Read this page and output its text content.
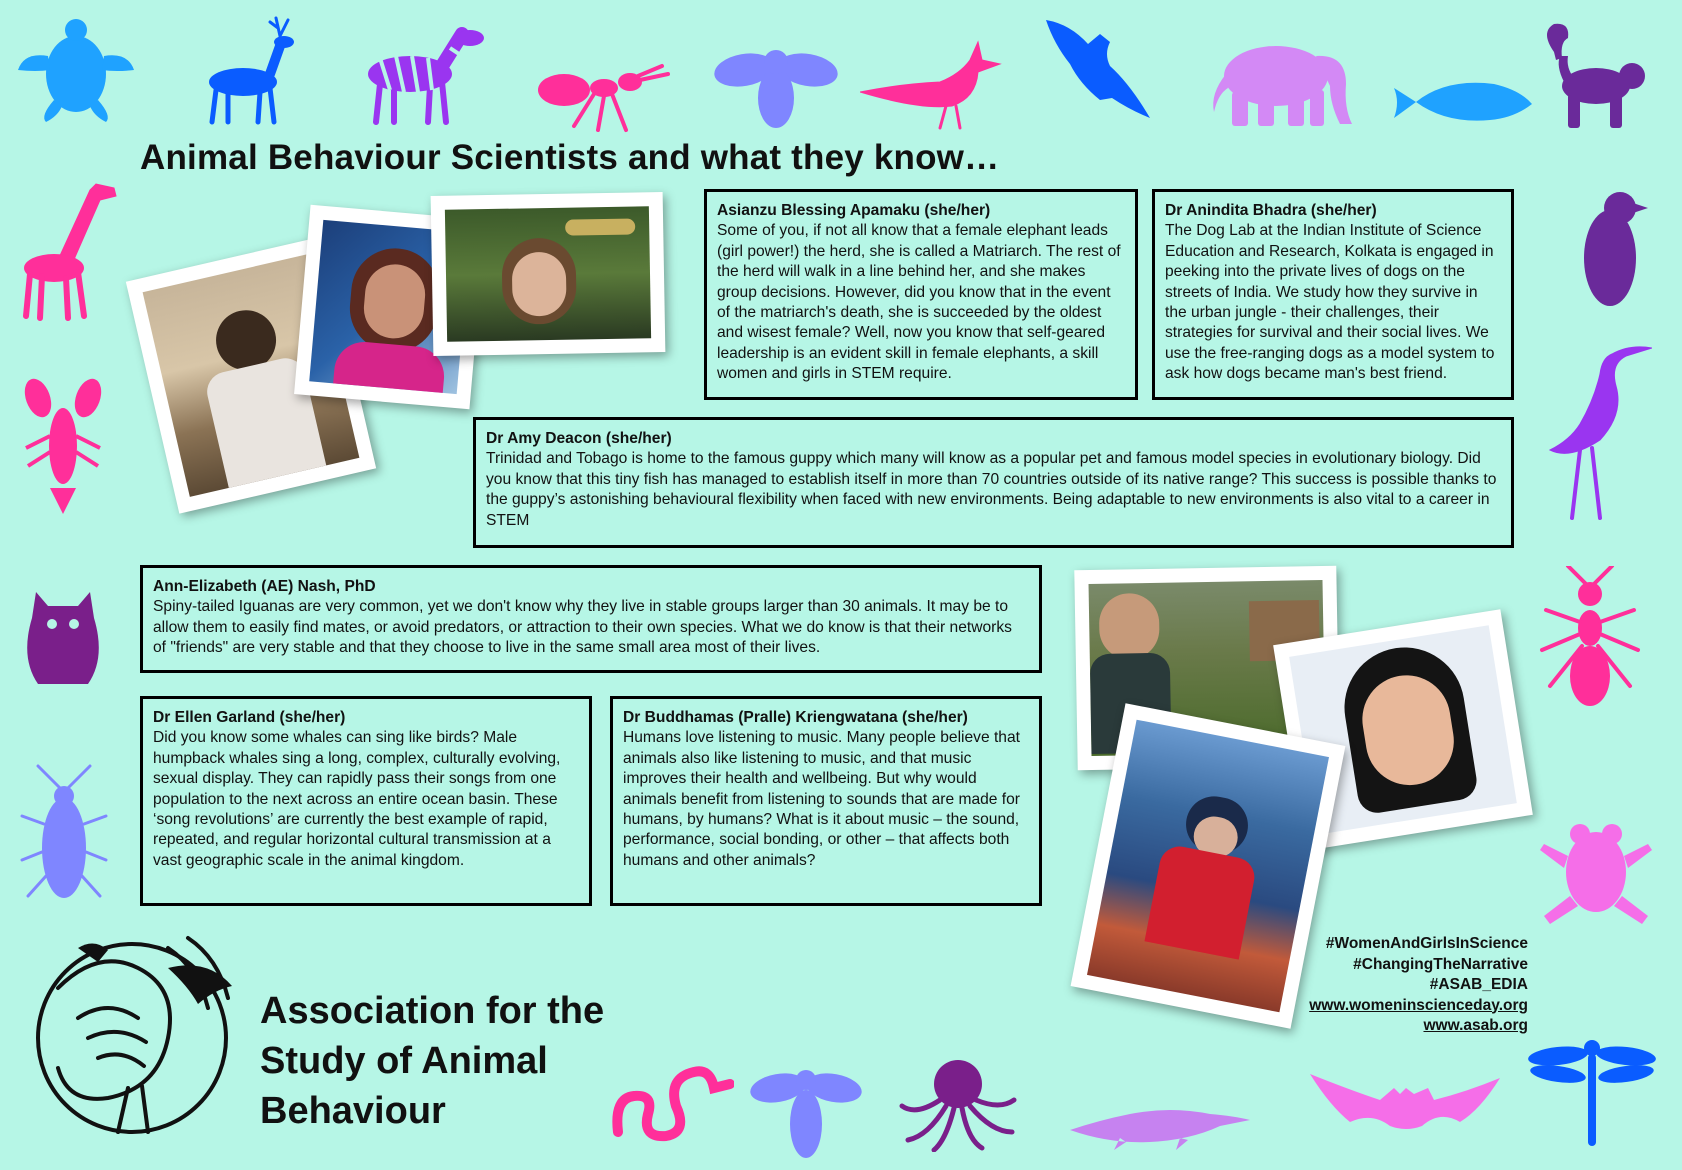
Animal Behaviour Scientists and what they know…
Asianzu Blessing Apamaku (she/her)
Some of you, if not all know that a female elephant leads (girl power!) the herd, she is called a Matriarch. The rest of the herd will walk in a line behind her, and she makes group decisions. However, did you know that in the event of the matriarch's death, she is succeeded by the oldest and wisest female? Well, now you know that self-geared leadership is an evident skill in female elephants, a skill women and girls in STEM require.
Dr Anindita Bhadra (she/her)
The Dog Lab at the Indian Institute of Science Education and Research, Kolkata is engaged in peeking into the private lives of dogs on the streets of India. We study how they survive in the urban jungle - their challenges, their strategies for survival and their social lives. We use the free-ranging dogs as a model system to ask how dogs became man's best friend.
Dr Amy Deacon (she/her)
Trinidad and Tobago is home to the famous guppy which many will know as a popular pet and famous model species in evolutionary biology. Did you know that this tiny fish has managed to establish itself in more than 70 countries outside of its native range? This success is possible thanks to the guppy’s astonishing behavioural flexibility when faced with new environments. Being adaptable to new environments is also vital to a career in STEM
Ann-Elizabeth (AE) Nash, PhD
Spiny-tailed Iguanas are very common, yet we don't know why they live in stable groups larger than 30 animals. It may be to allow them to easily find mates, or avoid predators, or attraction to their own species. What we do know is that their networks of "friends" are very stable and that they choose to live in the same small area most of their lives.
Dr Ellen Garland (she/her)
Did you know some whales can sing like birds? Male humpback whales sing a long, complex, culturally evolving, sexual display. They can rapidly pass their songs from one population to the next across an entire ocean basin. These ‘song revolutions’ are currently the best example of rapid, repeated, and regular horizontal cultural transmission at a vast geographic scale in the animal kingdom.
Dr Buddhamas (Pralle) Kriengwatana (she/her)
Humans love listening to music. Many people believe that animals also like listening to music, and that music improves their health and wellbeing. But why would animals benefit from listening to sounds that are made for humans, by humans? What is it about music – the sound, performance, social bonding, or other – that affects both humans and other animals?
Association for the
Study of Animal
Behaviour
#WomenAndGirlsInScience
#ChangingTheNarrative
#ASAB_EDIA
www.womeninscienceday.org
www.asab.org
